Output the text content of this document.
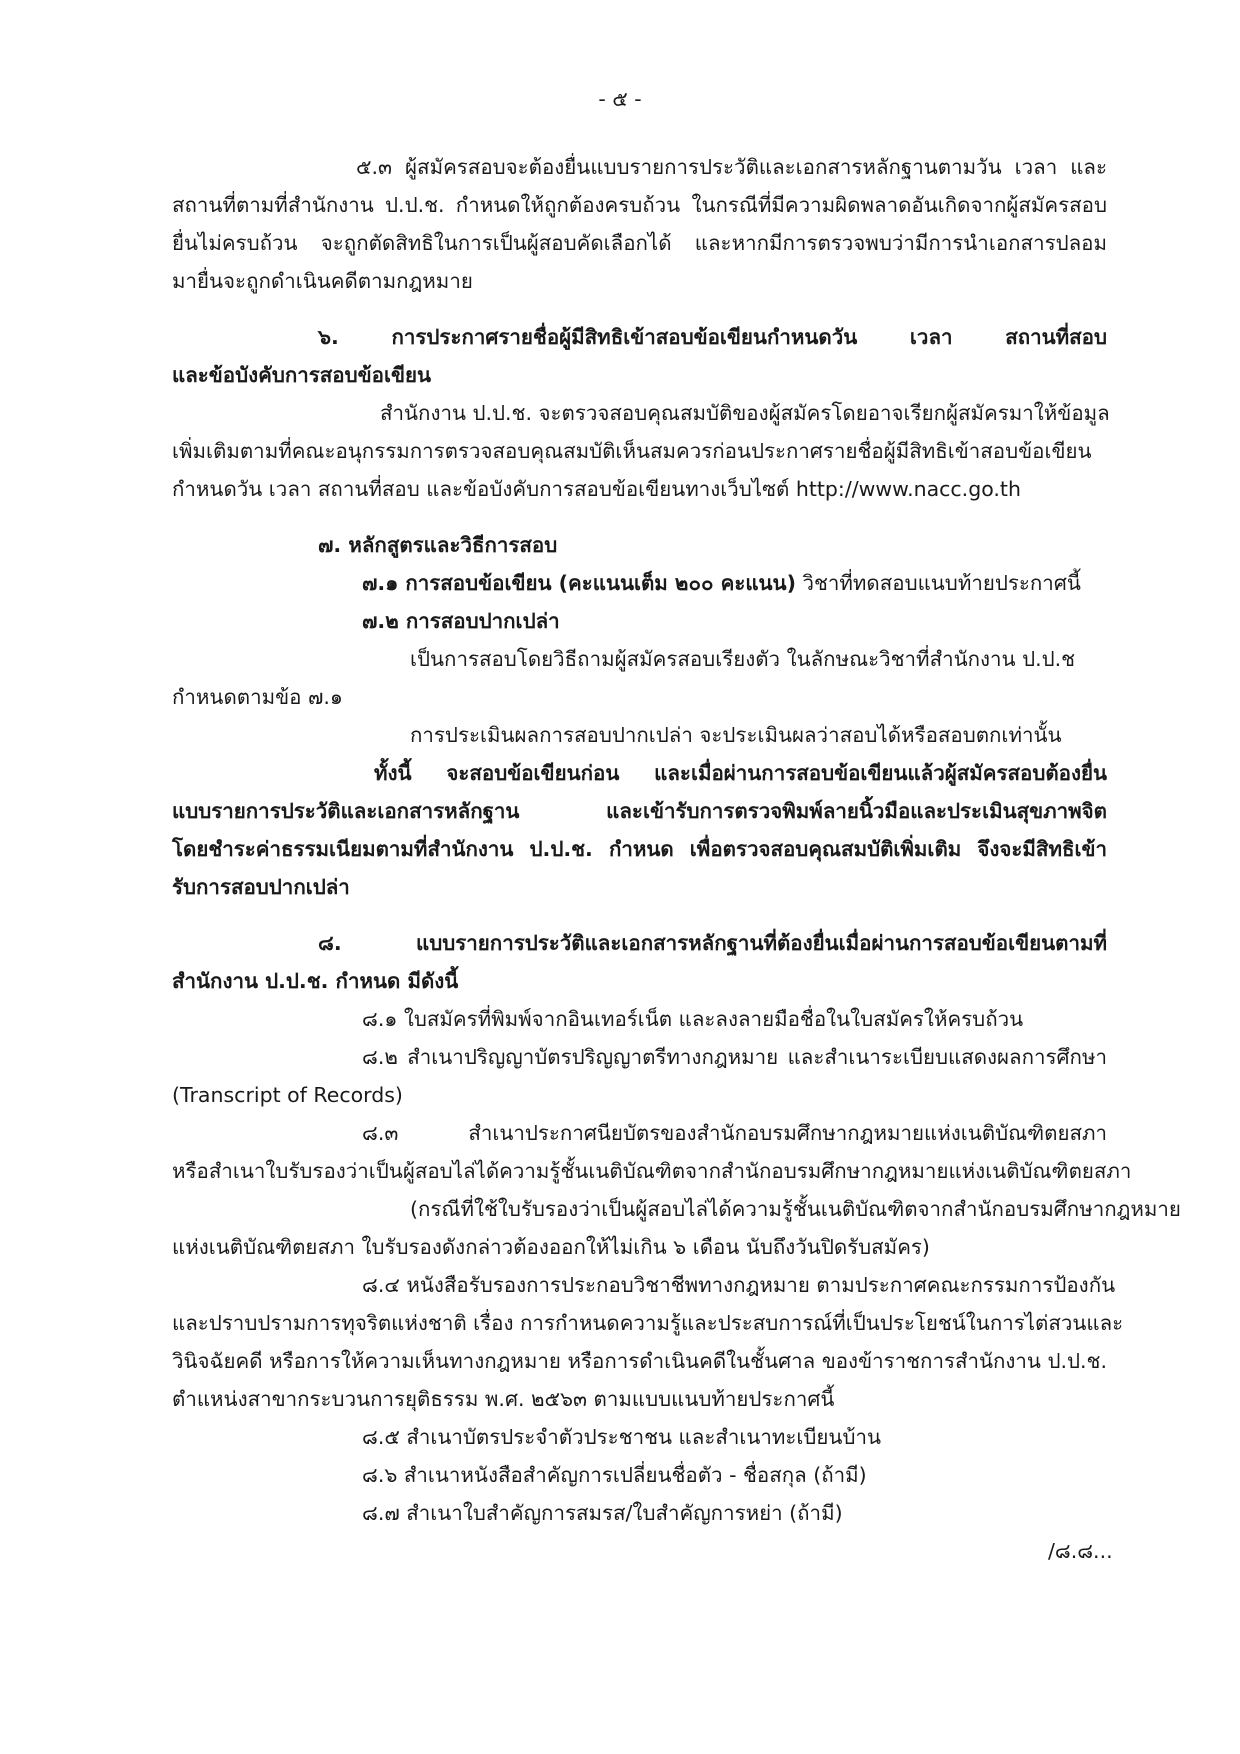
- ๕ -
๕.๓ ผู้สมัครสอบจะต้องยื่นแบบรายการประวัติและเอกสารหลักฐานตามวัน เวลา และ
สถานที่ตามที่สำนักงาน ป.ป.ช. กำหนดให้ถูกต้องครบถ้วน ในกรณีที่มีความผิดพลาดอันเกิดจากผู้สมัครสอบ
ยื่นไม่ครบถ้วน จะถูกตัดสิทธิในการเป็นผู้สอบคัดเลือกได้ และหากมีการตรวจพบว่ามีการนำเอกสารปลอม
มายื่นจะถูกดำเนินคดีตามกฎหมาย
๖. การประกาศรายชื่อผู้มีสิทธิเข้าสอบข้อเขียนกำหนดวัน เวลา สถานที่สอบ
และข้อบังคับการสอบข้อเขียน
สำนักงาน ป.ป.ช. จะตรวจสอบคุณสมบัติของผู้สมัครโดยอาจเรียกผู้สมัครมาให้ข้อมูล
เพิ่มเติมตามที่คณะอนุกรรมการตรวจสอบคุณสมบัติเห็นสมควรก่อนประกาศรายชื่อผู้มีสิทธิเข้าสอบข้อเขียน
กำหนดวัน เวลา สถานที่สอบ และข้อบังคับการสอบข้อเขียนทางเว็บไซต์ http://www.nacc.go.th
๗. หลักสูตรและวิธีการสอบ
๗.๑ การสอบข้อเขียน (คะแนนเต็ม ๒๐๐ คะแนน) วิชาที่ทดสอบแนบท้ายประกาศนี้
๗.๒ การสอบปากเปล่า
เป็นการสอบโดยวิธีถามผู้สมัครสอบเรียงตัว ในลักษณะวิชาที่สำนักงาน ป.ป.ช
กำหนดตามข้อ ๗.๑
การประเมินผลการสอบปากเปล่า จะประเมินผลว่าสอบได้หรือสอบตกเท่านั้น
ทั้งนี้ จะสอบข้อเขียนก่อน และเมื่อผ่านการสอบข้อเขียนแล้วผู้สมัครสอบต้องยื่น
แบบรายการประวัติและเอกสารหลักฐาน และเข้ารับการตรวจพิมพ์ลายนิ้วมือและประเมินสุขภาพจิต
โดยชำระค่าธรรมเนียมตามที่สำนักงาน ป.ป.ช. กำหนด เพื่อตรวจสอบคุณสมบัติเพิ่มเติม จึงจะมีสิทธิเข้า
รับการสอบปากเปล่า
๘. แบบรายการประวัติและเอกสารหลักฐานที่ต้องยื่นเมื่อผ่านการสอบข้อเขียนตามที่
สำนักงาน ป.ป.ช. กำหนด มีดังนี้
๘.๑ ใบสมัครที่พิมพ์จากอินเทอร์เน็ต และลงลายมือชื่อในใบสมัครให้ครบถ้วน
๘.๒ สำเนาปริญญาบัตรปริญญาตรีทางกฎหมาย และสำเนาระเบียบแสดงผลการศึกษา
(Transcript of Records)
๘.๓ สำเนาประกาศนียบัตรของสำนักอบรมศึกษากฎหมายแห่งเนติบัณฑิตยสภา
หรือสำเนาใบรับรองว่าเป็นผู้สอบไล่ได้ความรู้ชั้นเนติบัณฑิตจากสำนักอบรมศึกษากฎหมายแห่งเนติบัณฑิตยสภา
(กรณีที่ใช้ใบรับรองว่าเป็นผู้สอบไล่ได้ความรู้ชั้นเนติบัณฑิตจากสำนักอบรมศึกษากฎหมาย
แห่งเนติบัณฑิตยสภา ใบรับรองดังกล่าวต้องออกให้ไม่เกิน ๖ เดือน นับถึงวันปิดรับสมัคร)
๘.๔ หนังสือรับรองการประกอบวิชาชีพทางกฎหมาย ตามประกาศคณะกรรมการป้องกัน
และปราบปรามการทุจริตแห่งชาติ เรื่อง การกำหนดความรู้และประสบการณ์ที่เป็นประโยชน์ในการไต่สวนและ
วินิจฉัยคดี หรือการให้ความเห็นทางกฎหมาย หรือการดำเนินคดีในชั้นศาล ของข้าราชการสำนักงาน ป.ป.ช.
ตำแหน่งสาขากระบวนการยุติธรรม พ.ศ. ๒๕๖๓ ตามแบบแนบท้ายประกาศนี้
๘.๕ สำเนาบัตรประจำตัวประชาชน และสำเนาทะเบียนบ้าน
๘.๖ สำเนาหนังสือสำคัญการเปลี่ยนชื่อตัว - ชื่อสกุล (ถ้ามี)
๘.๗ สำเนาใบสำคัญการสมรส/ใบสำคัญการหย่า (ถ้ามี)
/๘.๘...
